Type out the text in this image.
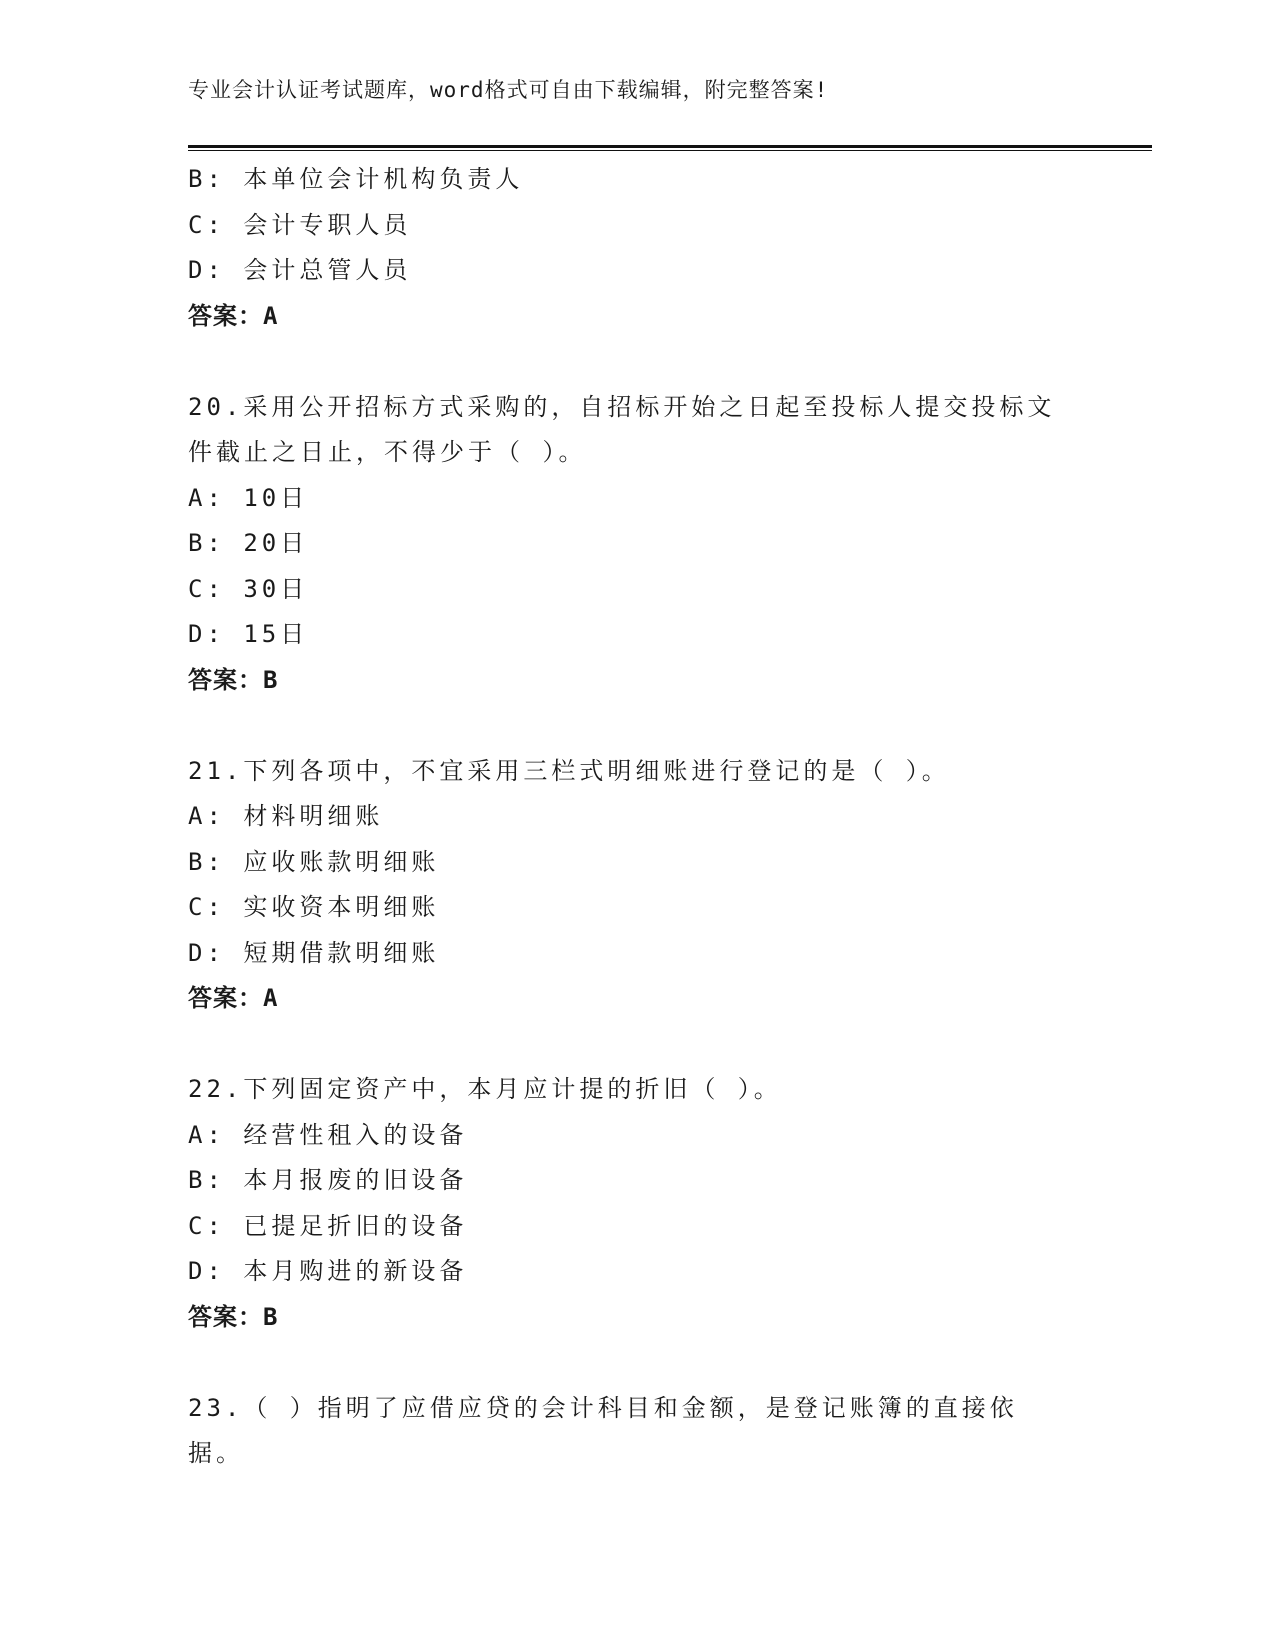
专业会计认证考试题库，word格式可自由下载编辑，附完整答案!
B: 本单位会计机构负责人
C: 会计专职人员
D: 会计总管人员
答案：A
20.采用公开招标方式采购的，自招标开始之日起至投标人提交投标文
件截止之日止，不得少于（ ）。
A: 10日
B: 20日
C: 30日
D: 15日
答案：B
21.下列各项中，不宜采用三栏式明细账进行登记的是（ ）。
A: 材料明细账
B: 应收账款明细账
C: 实收资本明细账
D: 短期借款明细账
答案：A
22.下列固定资产中，本月应计提的折旧（ ）。
A: 经营性租入的设备
B: 本月报废的旧设备
C: 已提足折旧的设备
D: 本月购进的新设备
答案：B
23.（ ）指明了应借应贷的会计科目和金额，是登记账簿的直接依
据。
